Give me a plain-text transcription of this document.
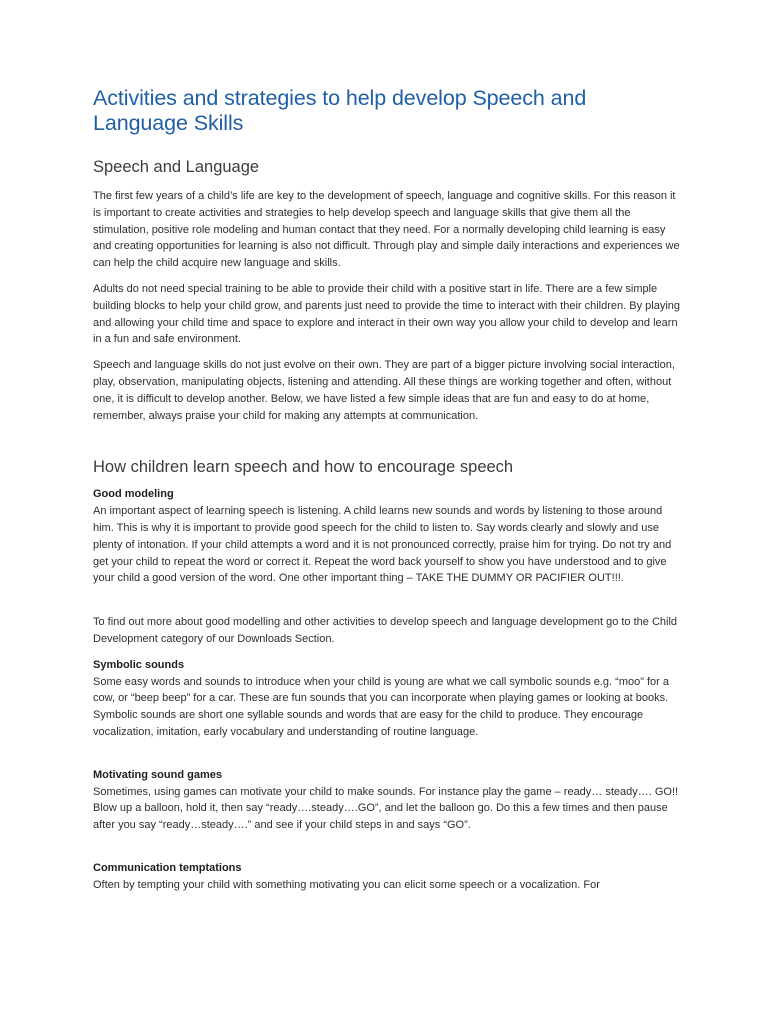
Activities and strategies to help develop Speech and Language Skills
Speech and Language

The first few years of a child’s life are key to the development of speech, language and cognitive skills. For this reason it is important to create activities and strategies to help develop speech and language skills that give them all the stimulation, positive role modeling and human contact that they need. For a normally developing child learning is easy and creating opportunities for learning is also not difficult. Through play and simple daily interactions and experiences we can help the child acquire new language and skills.

Adults do not need special training to be able to provide their child with a positive start in life. There are a few simple building blocks to help your child grow, and parents just need to provide the time to interact with their children. By playing and allowing your child time and space to explore and interact in their own way you allow your child to develop and learn in a fun and safe environment.

Speech and language skills do not just evolve on their own. They are part of a bigger picture involving social interaction, play, observation, manipulating objects, listening and attending. All these things are working together and often, without one, it is difficult to develop another. Below, we have listed a few simple ideas that are fun and easy to do at home, remember, always praise your child for making any attempts at communication.

How children learn speech and how to encourage speech
Good modeling

An important aspect of learning speech is listening. A child learns new sounds and words by listening to those around him. This is why it is important to provide good speech for the child to listen to. Say words clearly and slowly and use plenty of intonation. If your child attempts a word and it is not pronounced correctly, praise him for trying. Do not try and get your child to repeat the word or correct it. Repeat the word back yourself to show you have understood and to give your child a good version of the word. One other important thing – TAKE THE DUMMY OR PACIFIER OUT!!!.

To find out more about good modelling and other activities to develop speech and language development go to the Child Development category of our Downloads Section.

Symbolic sounds

Some easy words and sounds to introduce when your child is young are what we call symbolic sounds e.g. “moo” for a cow, or “beep beep” for a car. These are fun sounds that you can incorporate when playing games or looking at books. Symbolic sounds are short one syllable sounds and words that are easy for the child to produce. They encourage vocalization, imitation, early vocabulary and understanding of routine language.

Motivating sound games

Sometimes, using games can motivate your child to make sounds. For instance play the game – ready… steady…. GO!! Blow up a balloon, hold it, then say “ready….steady….GO”, and let the balloon go. Do this a few times and then pause after you say “ready…steady….” and see if your child steps in and says “GO”.

Communication temptations

Often by tempting your child with something motivating you can elicit some speech or a vocalization. For
